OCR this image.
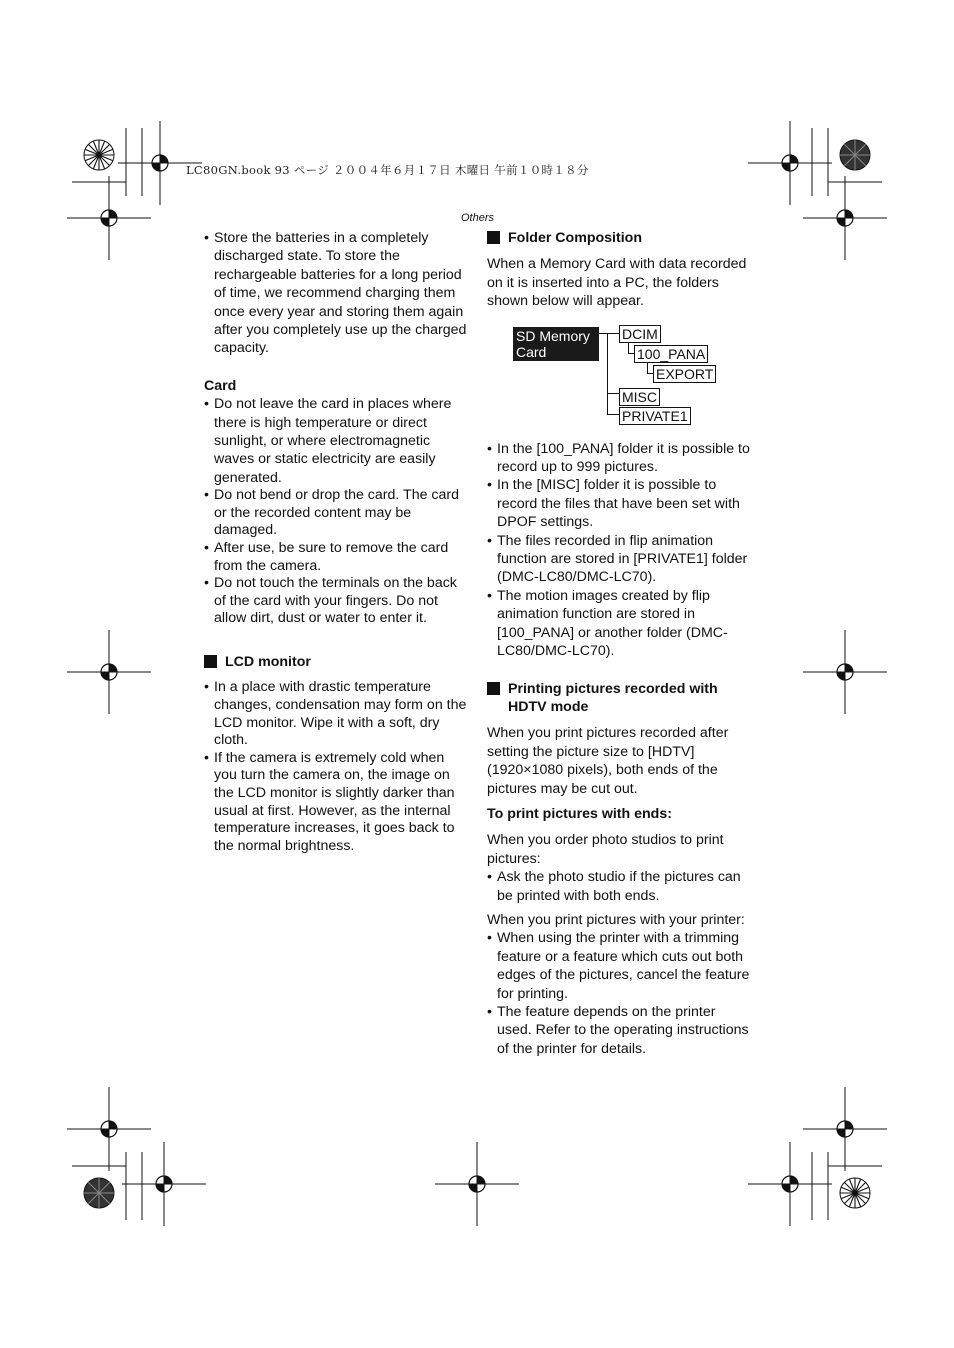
LC80GN.book 93 ページ ２００４年６月１７日 木曜日 午前１０時１８分
Others
• Store the batteries in a completely discharged state. To store the rechargeable batteries for a long period of time, we recommend charging them once every year and storing them again after you completely use up the charged capacity.

Card

• Do not leave the card in places where there is high temperature or direct sunlight, or where electromagnetic waves or static electricity are easily generated.
• Do not bend or drop the card. The card or the recorded content may be damaged.
• After use, be sure to remove the card from the camera.
• Do not touch the terminals on the back of the card with your fingers. Do not allow dirt, dust or water to enter it.
LCD monitor
• In a place with drastic temperature changes, condensation may form on the LCD monitor. Wipe it with a soft, dry cloth.
• If the camera is extremely cold when you turn the camera on, the image on the LCD monitor is slightly darker than usual at first. However, as the internal temperature increases, it goes back to the normal brightness.
Folder Composition

When a Memory Card with data recorded on it is inserted into a PC, the folders shown below will appear.

SD Memory
Card
DCIM
100_PANA
EXPORT
MISC
PRIVATE1
• In the [100_PANA] folder it is possible to record up to 999 pictures.
• In the [MISC] folder it is possible to record the files that have been set with DPOF settings.
• The files recorded in flip animation function are stored in [PRIVATE1] folder (DMC-LC80/DMC-LC70).
• The motion images created by flip animation function are stored in [100_PANA] or another folder (DMC-LC80/DMC-LC70).
Printing pictures recorded with HDTV mode

When you print pictures recorded after setting the picture size to [HDTV] (1920×1080 pixels), both ends of the pictures may be cut out.

To print pictures with ends:

When you order photo studios to print pictures:

• Ask the photo studio if the pictures can be printed with both ends.

When you print pictures with your printer:

• When using the printer with a trimming feature or a feature which cuts out both edges of the pictures, cancel the feature for printing.
• The feature depends on the printer used. Refer to the operating instructions of the printer for details.
